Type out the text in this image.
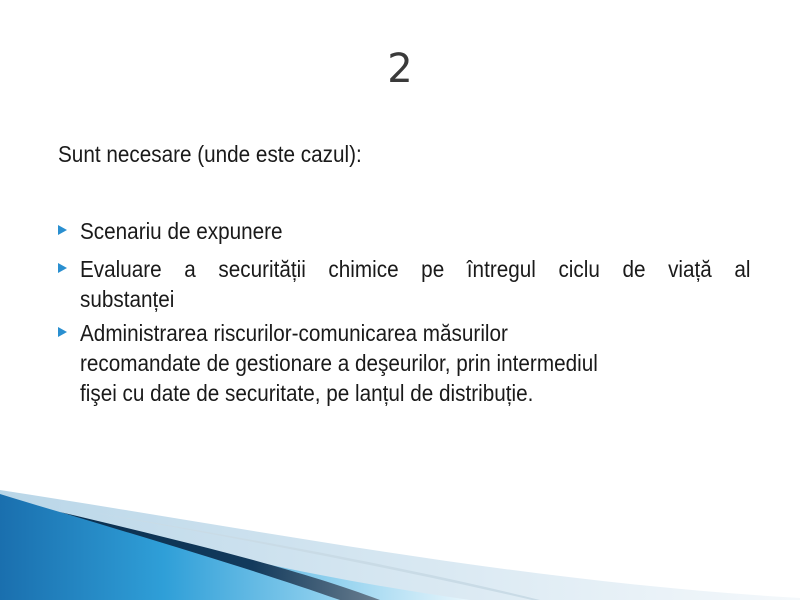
2
Sunt necesare (unde este cazul):
Scenariu de expunere
Evaluare a securității chimice pe întregul ciclu de viață al
substanței
Administrarea riscurilor-comunicarea măsurilor
recomandate de gestionare a deşeurilor, prin intermediul
fişei cu date de securitate, pe lanțul de distribuție.
